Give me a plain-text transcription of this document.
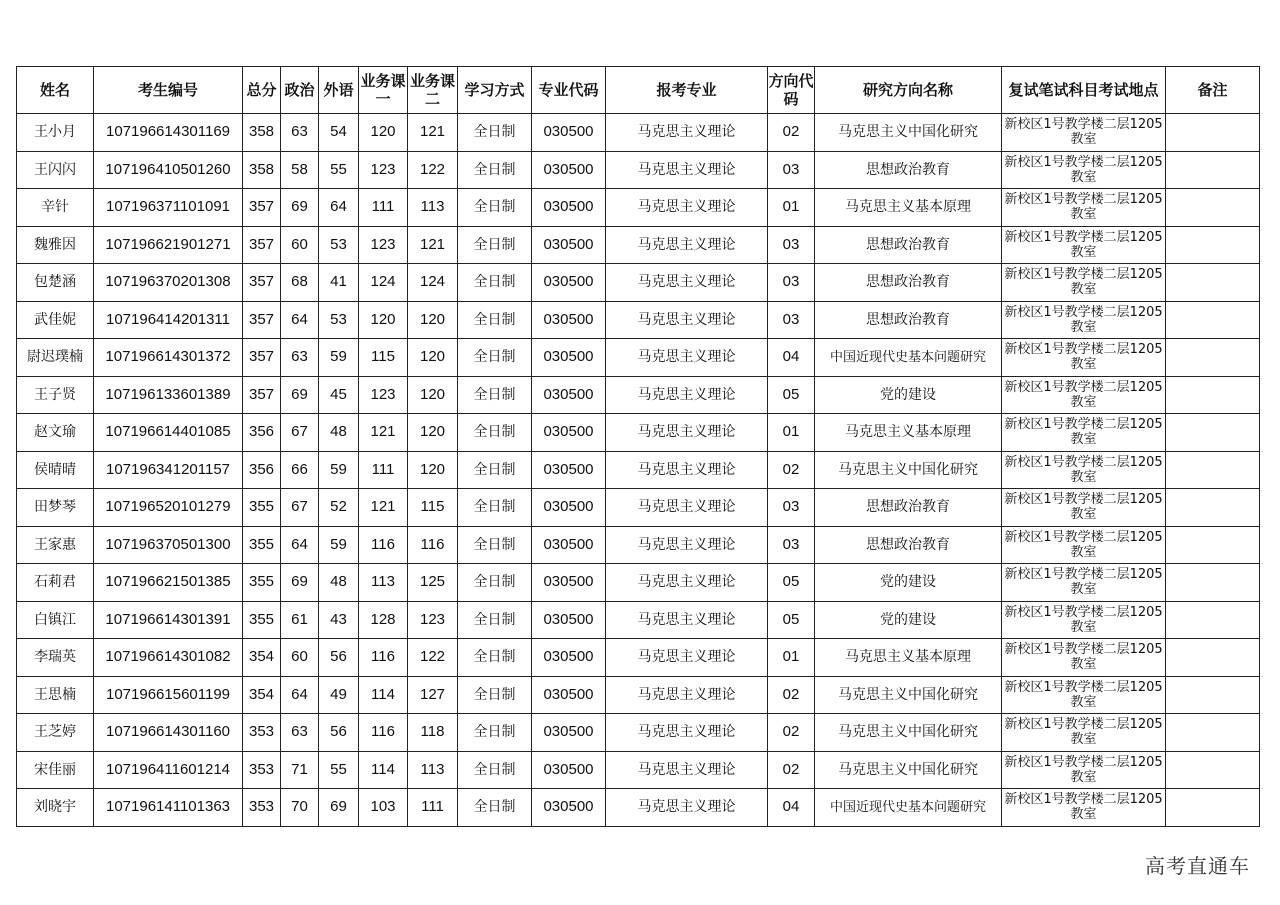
姓名	考生编号	总分	政治	外语	业务课一	业务课二	学习方式	专业代码	报考专业	方向代码	研究方向名称	复试笔试科目考试地点	备注
王小月	107196614301169	358	63	54	120	121	全日制	030500	马克思主义理论	02	马克思主义中国化研究	新校区1号教学楼二层1205教室	
王闪闪	107196410501260	358	58	55	123	122	全日制	030500	马克思主义理论	03	思想政治教育	新校区1号教学楼二层1205教室	
辛针	107196371101091	357	69	64	111	113	全日制	030500	马克思主义理论	01	马克思主义基本原理	新校区1号教学楼二层1205教室	
魏雅因	107196621901271	357	60	53	123	121	全日制	030500	马克思主义理论	03	思想政治教育	新校区1号教学楼二层1205教室	
包楚涵	107196370201308	357	68	41	124	124	全日制	030500	马克思主义理论	03	思想政治教育	新校区1号教学楼二层1205教室	
武佳妮	107196414201311	357	64	53	120	120	全日制	030500	马克思主义理论	03	思想政治教育	新校区1号教学楼二层1205教室	
尉迟璞楠	107196614301372	357	63	59	115	120	全日制	030500	马克思主义理论	04	中国近现代史基本问题研究	新校区1号教学楼二层1205教室	
王子贤	107196133601389	357	69	45	123	120	全日制	030500	马克思主义理论	05	党的建设	新校区1号教学楼二层1205教室	
赵文瑜	107196614401085	356	67	48	121	120	全日制	030500	马克思主义理论	01	马克思主义基本原理	新校区1号教学楼二层1205教室	
侯晴晴	107196341201157	356	66	59	111	120	全日制	030500	马克思主义理论	02	马克思主义中国化研究	新校区1号教学楼二层1205教室	
田梦琴	107196520101279	355	67	52	121	115	全日制	030500	马克思主义理论	03	思想政治教育	新校区1号教学楼二层1205教室	
王家惠	107196370501300	355	64	59	116	116	全日制	030500	马克思主义理论	03	思想政治教育	新校区1号教学楼二层1205教室	
石莉君	107196621501385	355	69	48	113	125	全日制	030500	马克思主义理论	05	党的建设	新校区1号教学楼二层1205教室	
白镇江	107196614301391	355	61	43	128	123	全日制	030500	马克思主义理论	05	党的建设	新校区1号教学楼二层1205教室	
李瑞英	107196614301082	354	60	56	116	122	全日制	030500	马克思主义理论	01	马克思主义基本原理	新校区1号教学楼二层1205教室	
王思楠	107196615601199	354	64	49	114	127	全日制	030500	马克思主义理论	02	马克思主义中国化研究	新校区1号教学楼二层1205教室	
王芝婷	107196614301160	353	63	56	116	118	全日制	030500	马克思主义理论	02	马克思主义中国化研究	新校区1号教学楼二层1205教室	
宋佳丽	107196411601214	353	71	55	114	113	全日制	030500	马克思主义理论	02	马克思主义中国化研究	新校区1号教学楼二层1205教室	
刘晓宇	107196141101363	353	70	69	103	111	全日制	030500	马克思主义理论	04	中国近现代史基本问题研究	新校区1号教学楼二层1205教室	
高考直通车
